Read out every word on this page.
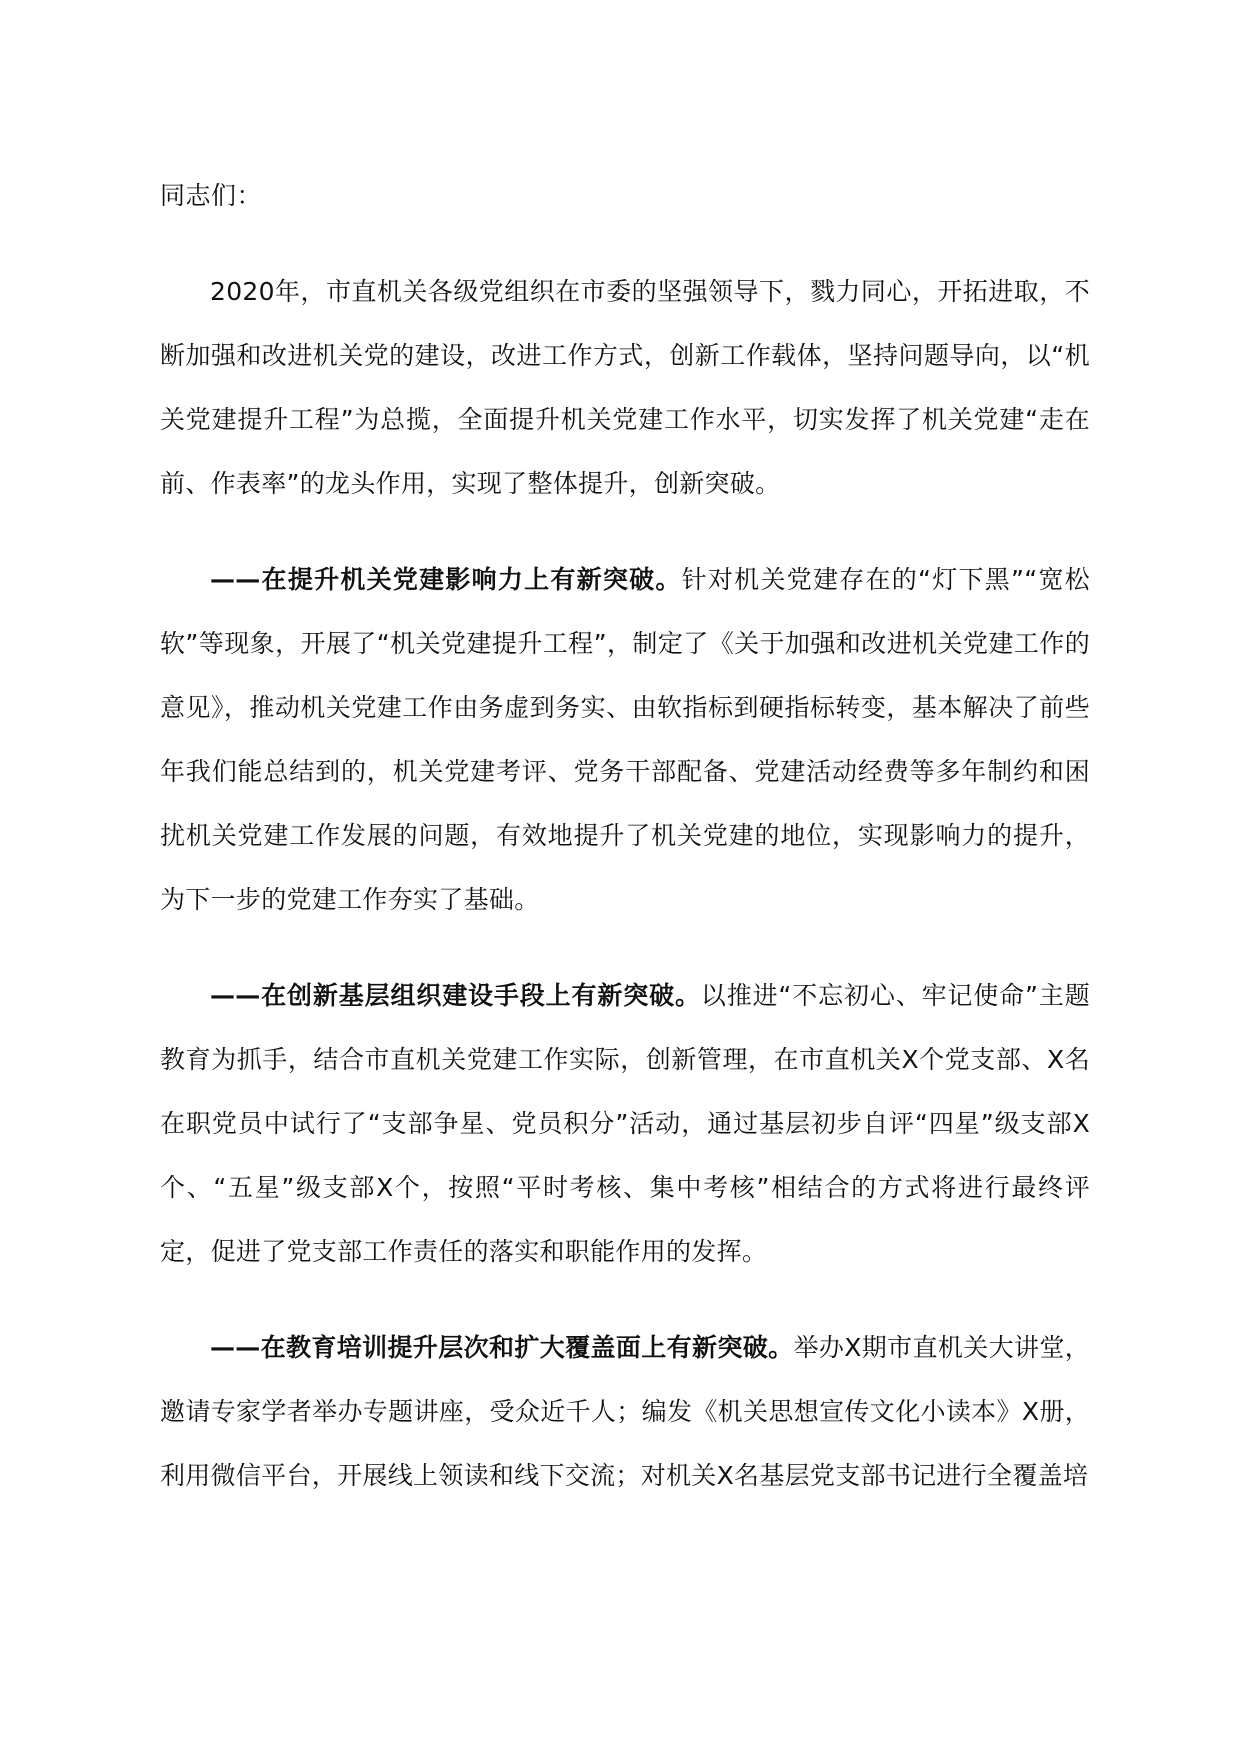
同志们：

2020年，市直机关各级党组织在市委的坚强领导下，戮力同心，开拓进取，不断加强和改进机关党的建设，改进工作方式，创新工作载体，坚持问题导向，以“机关党建提升工程”为总揽，全面提升机关党建工作水平，切实发挥了机关党建“走在前、作表率”的龙头作用，实现了整体提升，创新突破。

——在提升机关党建影响力上有新突破。针对机关党建存在的“灯下黑”“宽松软”等现象，开展了“机关党建提升工程”，制定了《关于加强和改进机关党建工作的意见》，推动机关党建工作由务虚到务实、由软指标到硬指标转变，基本解决了前些年我们能总结到的，机关党建考评、党务干部配备、党建活动经费等多年制约和困扰机关党建工作发展的问题，有效地提升了机关党建的地位，实现影响力的提升，为下一步的党建工作夯实了基础。

——在创新基层组织建设手段上有新突破。以推进“不忘初心、牢记使命”主题教育为抓手，结合市直机关党建工作实际，创新管理，在市直机关X个党支部、X名在职党员中试行了“支部争星、党员积分”活动，通过基层初步自评“四星”级支部X个、“五星”级支部X个，按照“平时考核、集中考核”相结合的方式将进行最终评定，促进了党支部工作责任的落实和职能作用的发挥。

——在教育培训提升层次和扩大覆盖面上有新突破。举办X期市直机关大讲堂，邀请专家学者举办专题讲座，受众近千人；编发《机关思想宣传文化小读本》X册，利用微信平台，开展线上领读和线下交流；对机关X名基层党支部书记进行全覆盖培
